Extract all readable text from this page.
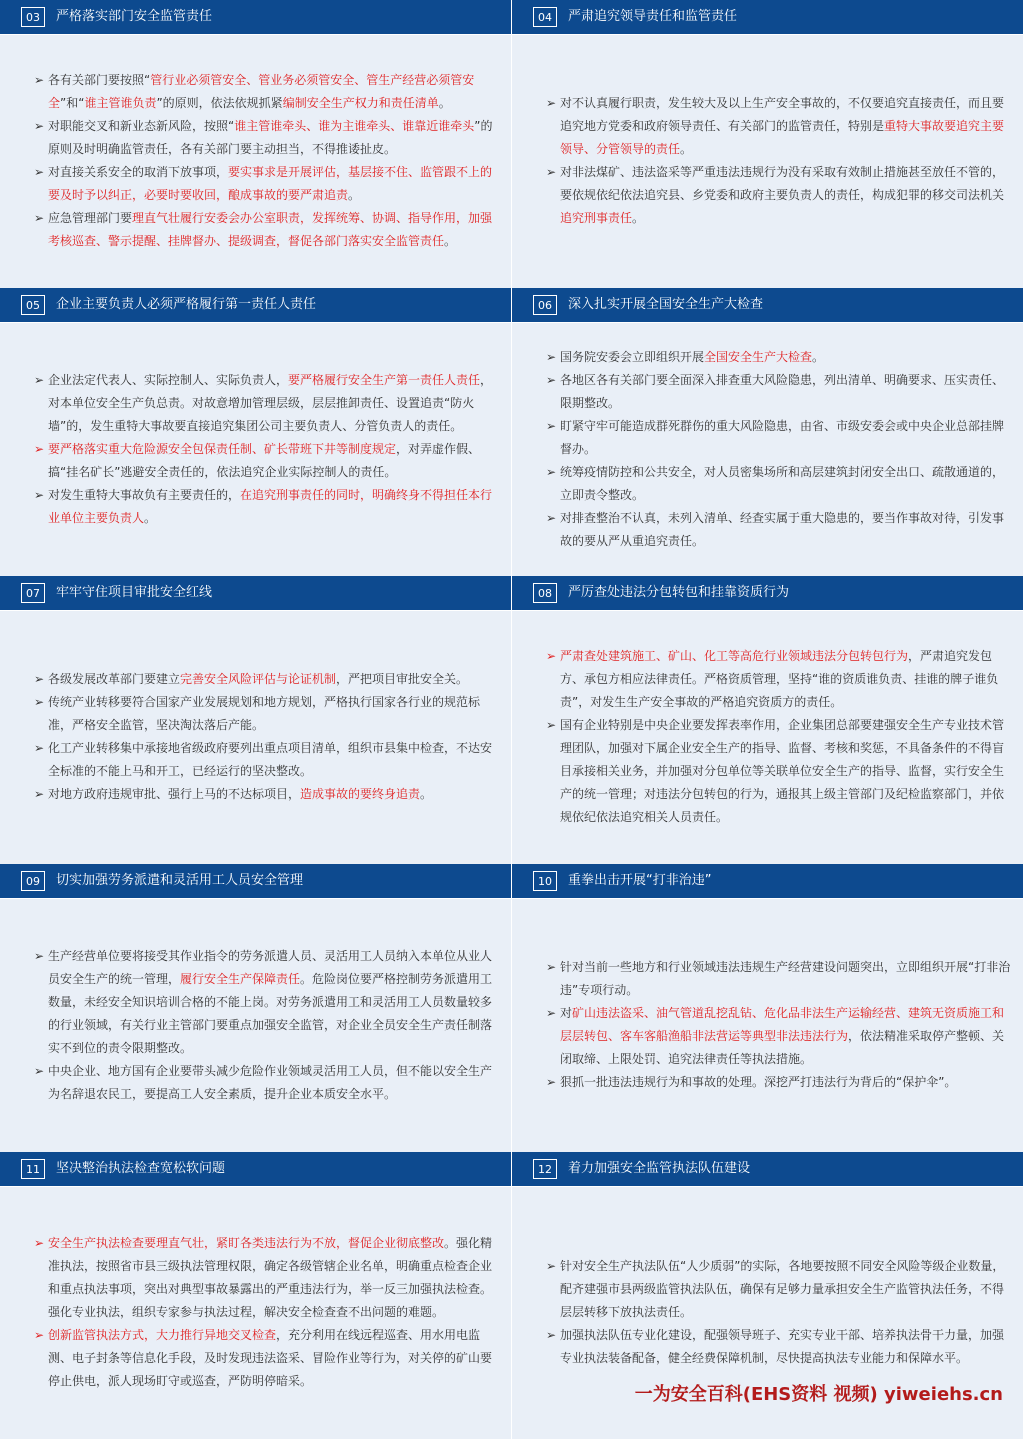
03	严格落实部门安全监管责任
➢ 各有关部门要按照“管行业必须管安全、管业务必须管安全、管生产经营必须管安全”和“谁主管谁负责”的原则，依法依规抓紧编制安全生产权力和责任清单。
➢ 对职能交叉和新业态新风险，按照“谁主管谁牵头、谁为主谁牵头、谁靠近谁牵头”的原则及时明确监管责任，各有关部门要主动担当，不得推诿扯皮。
➢ 对直接关系安全的取消下放事项，要实事求是开展评估，基层接不住、监管跟不上的要及时予以纠正，必要时要收回，酿成事故的要严肃追责。
➢ 应急管理部门要理直气壮履行安委会办公室职责，发挥统筹、协调、指导作用，加强考核巡查、警示提醒、挂牌督办、提级调查，督促各部门落实安全监管责任。
04	严肃追究领导责任和监管责任
➢ 对不认真履行职责，发生较大及以上生产安全事故的，不仅要追究直接责任，而且要追究地方党委和政府领导责任、有关部门的监管责任，特别是重特大事故要追究主要领导、分管领导的责任。
➢ 对非法煤矿、违法盗采等严重违法违规行为没有采取有效制止措施甚至放任不管的，要依规依纪依法追究县、乡党委和政府主要负责人的责任，构成犯罪的移交司法机关追究刑事责任。
05	企业主要负责人必须严格履行第一责任人责任
➢ 企业法定代表人、实际控制人、实际负责人，要严格履行安全生产第一责任人责任，对本单位安全生产负总责。对故意增加管理层级，层层推卸责任、设置追责“防火墙”的，发生重特大事故要直接追究集团公司主要负责人、分管负责人的责任。
➢ 要严格落实重大危险源安全包保责任制、矿长带班下井等制度规定，对弄虚作假、搞“挂名矿长”逃避安全责任的，依法追究企业实际控制人的责任。
➢ 对发生重特大事故负有主要责任的，在追究刑事责任的同时，明确终身不得担任本行业单位主要负责人。
06	深入扎实开展全国安全生产大检查
➢ 国务院安委会立即组织开展全国安全生产大检查。
➢ 各地区各有关部门要全面深入排查重大风险隐患，列出清单、明确要求、压实责任、限期整改。
➢ 盯紧守牢可能造成群死群伤的重大风险隐患，由省、市级安委会或中央企业总部挂牌督办。
➢ 统筹疫情防控和公共安全，对人员密集场所和高层建筑封闭安全出口、疏散通道的，立即责令整改。
➢ 对排查整治不认真，未列入清单、经查实属于重大隐患的，要当作事故对待，引发事故的要从严从重追究责任。
07	牢牢守住项目审批安全红线
➢ 各级发展改革部门要建立完善安全风险评估与论证机制，严把项目审批安全关。
➢ 传统产业转移要符合国家产业发展规划和地方规划，严格执行国家各行业的规范标准，严格安全监管，坚决淘汰落后产能。
➢ 化工产业转移集中承接地省级政府要列出重点项目清单，组织市县集中检查，不达安全标准的不能上马和开工，已经运行的坚决整改。
➢ 对地方政府违规审批、强行上马的不达标项目，造成事故的要终身追责。
08	严厉查处违法分包转包和挂靠资质行为
➢ 严肃查处建筑施工、矿山、化工等高危行业领域违法分包转包行为，严肃追究发包方、承包方相应法律责任。严格资质管理，坚持“谁的资质谁负责、挂谁的牌子谁负责”，对发生生产安全事故的严格追究资质方的责任。
➢ 国有企业特别是中央企业要发挥表率作用，企业集团总部要建强安全生产专业技术管理团队，加强对下属企业安全生产的指导、监督、考核和奖惩，不具备条件的不得盲目承接相关业务，并加强对分包单位等关联单位安全生产的指导、监督，实行安全生产的统一管理；对违法分包转包的行为，通报其上级主管部门及纪检监察部门，并依规依纪依法追究相关人员责任。
09	切实加强劳务派遣和灵活用工人员安全管理
➢ 生产经营单位要将接受其作业指令的劳务派遣人员、灵活用工人员纳入本单位从业人员安全生产的统一管理，履行安全生产保障责任。危险岗位要严格控制劳务派遣用工数量，未经安全知识培训合格的不能上岗。对劳务派遣用工和灵活用工人员数量较多的行业领域，有关行业主管部门要重点加强安全监管，对企业全员安全生产责任制落实不到位的责令限期整改。
➢ 中央企业、地方国有企业要带头减少危险作业领域灵活用工人员，但不能以安全生产为名辞退农民工，要提高工人安全素质，提升企业本质安全水平。
10	重拳出击开展“打非治违”
➢ 针对当前一些地方和行业领域违法违规生产经营建设问题突出，立即组织开展“打非治违”专项行动。
➢ 对矿山违法盗采、油气管道乱挖乱钻、危化品非法生产运输经营、建筑无资质施工和层层转包、客车客船渔船非法营运等典型非法违法行为，依法精准采取停产整顿、关闭取缔、上限处罚、追究法律责任等执法措施。
➢ 狠抓一批违法违规行为和事故的处理。深挖严打违法行为背后的“保护伞”。
11	坚决整治执法检查宽松软问题
➢ 安全生产执法检查要理直气壮，紧盯各类违法行为不放，督促企业彻底整改。强化精准执法，按照省市县三级执法管理权限，确定各级管辖企业名单，明确重点检查企业和重点执法事项，突出对典型事故暴露出的严重违法行为，举一反三加强执法检查。强化专业执法，组织专家参与执法过程，解决安全检查查不出问题的难题。
➢ 创新监管执法方式，大力推行异地交叉检查，充分利用在线远程巡查、用水用电监测、电子封条等信息化手段，及时发现违法盗采、冒险作业等行为，对关停的矿山要停止供电，派人现场盯守或巡查，严防明停暗采。
12	着力加强安全监管执法队伍建设
➢ 针对安全生产执法队伍“人少质弱”的实际，各地要按照不同安全风险等级企业数量，配齐建强市县两级监管执法队伍，确保有足够力量承担安全生产监管执法任务，不得层层转移下放执法责任。
➢ 加强执法队伍专业化建设，配强领导班子、充实专业干部、培养执法骨干力量，加强专业执法装备配备，健全经费保障机制，尽快提高执法专业能力和保障水平。
一为安全百科(EHS资料 视频) yiweiehs.cn
